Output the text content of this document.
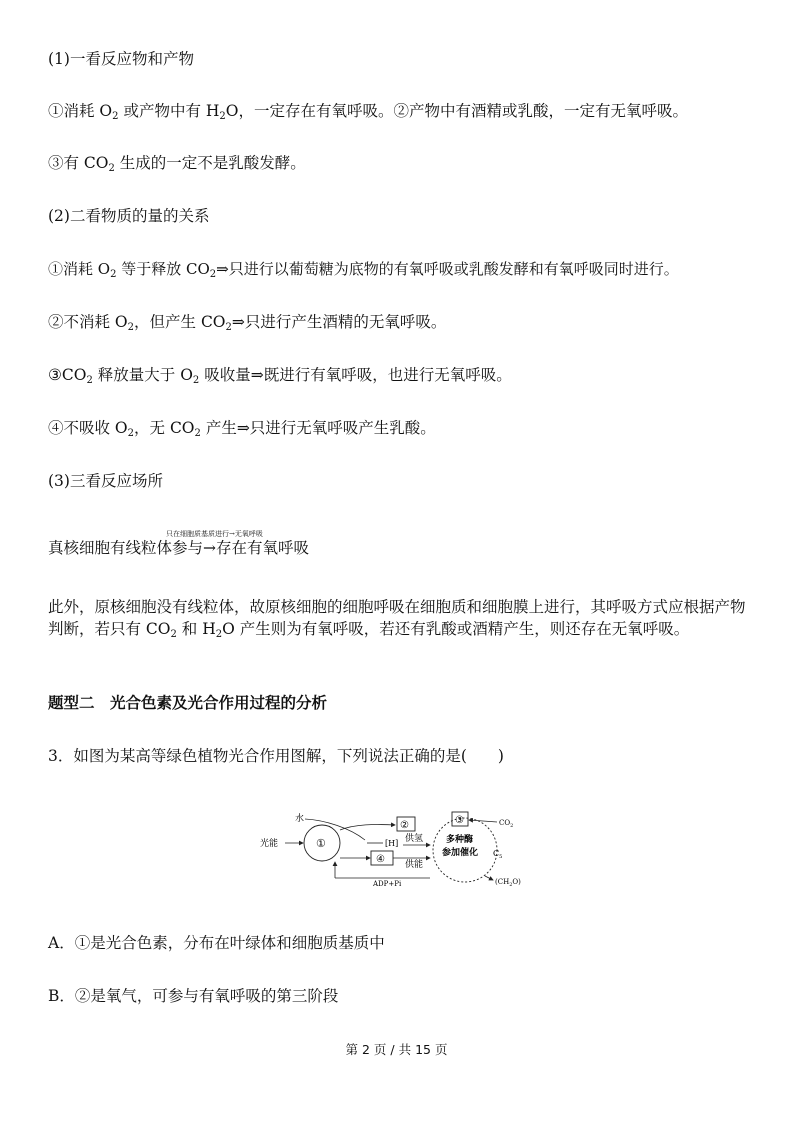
(1)一看反应物和产物
①消耗 $O_2$ 或产物中有 $H_2O$，一定存在有氧呼吸。②产物中有酒精或乳酸，一定有无氧呼吸。
③有 $CO_2$ 生成的一定不是乳酸发酵。
(2)二看物质的量的关系
①消耗 $O_2$ 等于释放 $CO_2\Rightarrow$只进行以葡萄糖为底物的有氧呼吸或乳酸发酵和有氧呼吸同时进行。
②不消耗 $O_2$，但产生 $CO_2\Rightarrow$只进行产生酒精的无氧呼吸。
$③CO_2$ 释放量大于 $O_2$ 吸收量⇒既进行有氧呼吸，也进行无氧呼吸。
④不吸收 $O_2$，无 $CO_2$ 产生⇒只进行无氧呼吸产生乳酸。
(3)三看反应场所
只在细胞质基质进行→无氧呼吸
真核细胞有线粒体参与→存在有氧呼吸
此外，原核细胞没有线粒体，故原核细胞的细胞呼吸在细胞质和细胞膜上进行，其呼吸方式应根据产物判断，若只有 $CO_2$ 和 $H_2O$ 产生则为有氧呼吸，若还有乳酸或酒精产生，则还存在无氧呼吸。
题型二　光合色素及光合作用过程的分析
3．如图为某高等绿色植物光合作用图解，下列说法正确的是(　　)
水
光能	①
②
[H] 供氢
④ 供能
③	$CO_2$
多种酶
参加催化 $C_5$
ADP+Pi	$(CH_2O)$
A．①是光合色素，分布在叶绿体和细胞质基质中
B．②是氧气，可参与有氧呼吸的第三阶段
第 2 页 / 共 15 页
